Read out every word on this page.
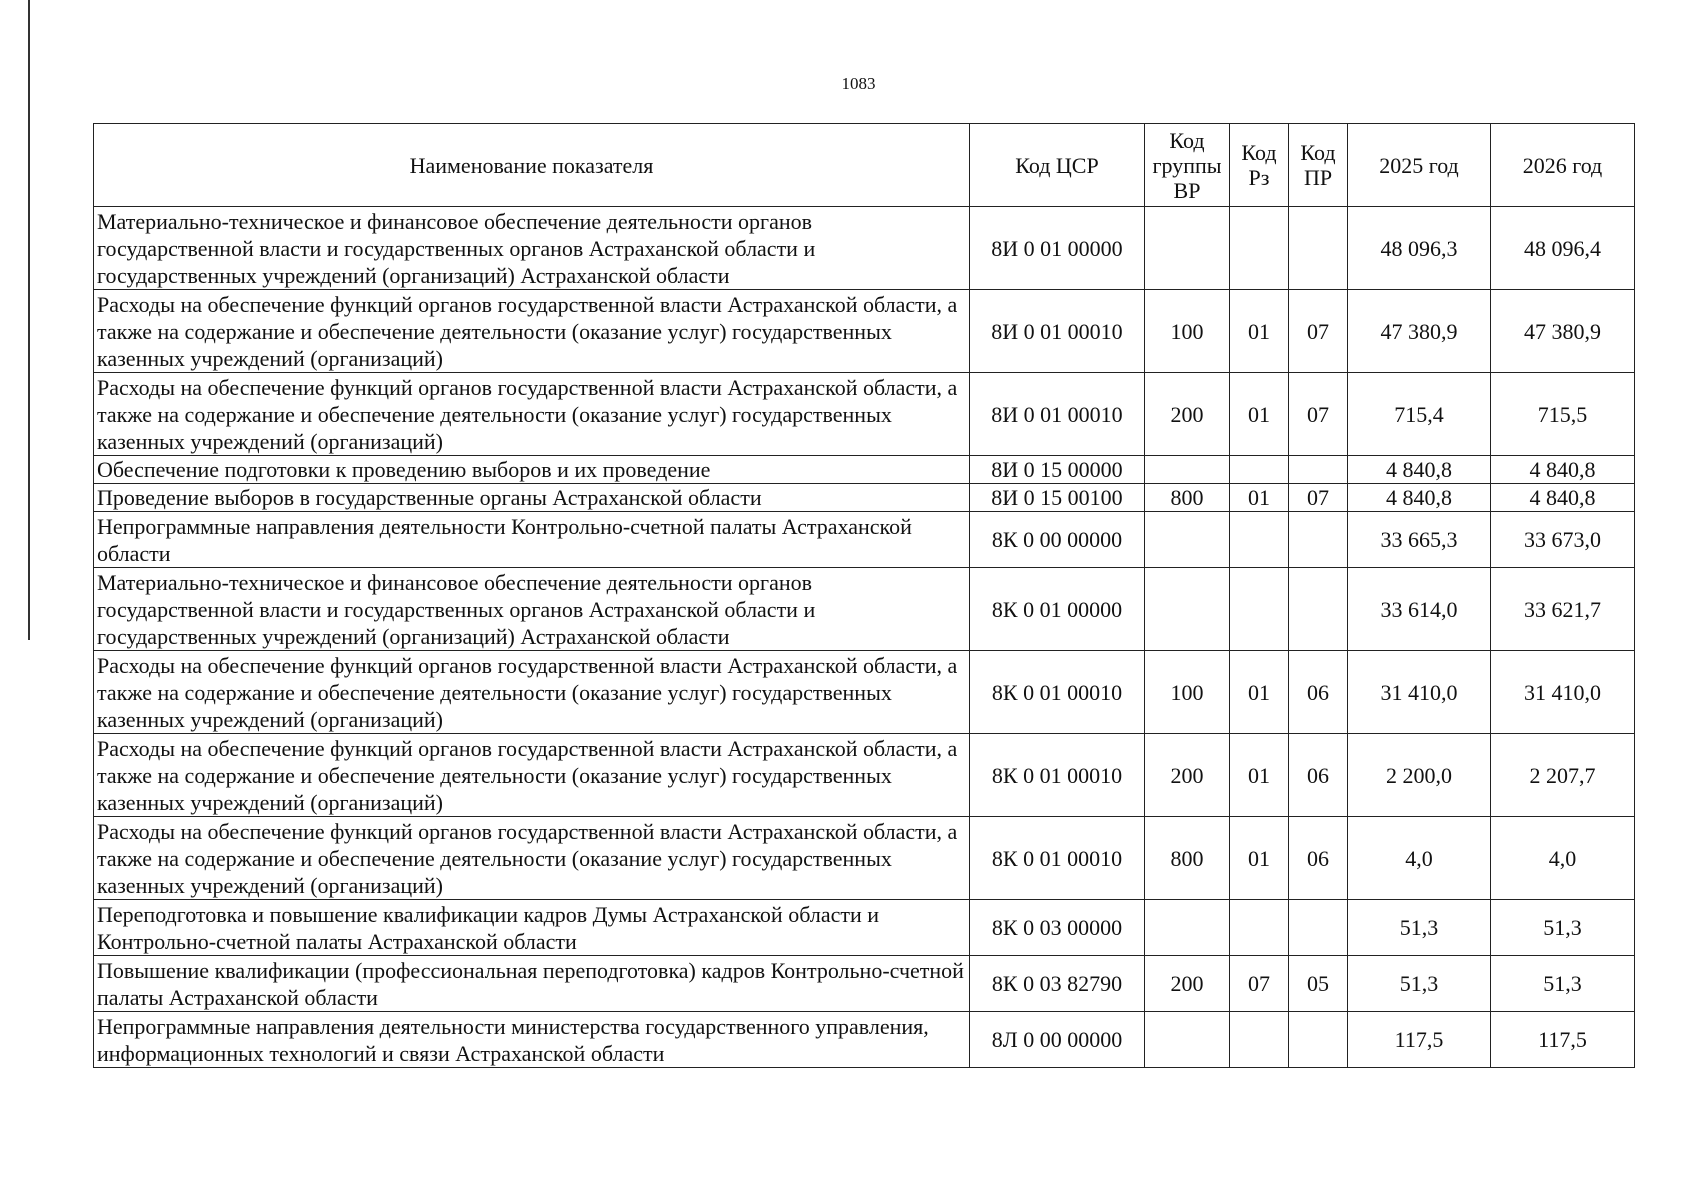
1083
Наименование показателя	Код ЦСР	Код группы ВР	Код Рз	Код ПР	2025 год	2026 год
Материально-техническое и финансовое обеспечение деятельности органов государственной власти и государственных органов Астраханской области и государственных учреждений (организаций) Астраханской области	8И 0 01 00000				48 096,3	48 096,4
Расходы на обеспечение функций органов государственной власти Астраханской области, а также на содержание и обеспечение деятельности (оказание услуг) государственных казенных учреждений (организаций)	8И 0 01 00010	100	01	07	47 380,9	47 380,9
Расходы на обеспечение функций органов государственной власти Астраханской области, а также на содержание и обеспечение деятельности (оказание услуг) государственных казенных учреждений (организаций)	8И 0 01 00010	200	01	07	715,4	715,5
Обеспечение подготовки к проведению выборов и их проведение	8И 0 15 00000				4 840,8	4 840,8
Проведение выборов в государственные органы Астраханской области	8И 0 15 00100	800	01	07	4 840,8	4 840,8
Непрограммные направления деятельности Контрольно-счетной палаты Астраханской области	8К 0 00 00000				33 665,3	33 673,0
Материально-техническое и финансовое обеспечение деятельности органов государственной власти и государственных органов Астраханской области и государственных учреждений (организаций) Астраханской области	8К 0 01 00000				33 614,0	33 621,7
Расходы на обеспечение функций органов государственной власти Астраханской области, а также на содержание и обеспечение деятельности (оказание услуг) государственных казенных учреждений (организаций)	8К 0 01 00010	100	01	06	31 410,0	31 410,0
Расходы на обеспечение функций органов государственной власти Астраханской области, а также на содержание и обеспечение деятельности (оказание услуг) государственных казенных учреждений (организаций)	8К 0 01 00010	200	01	06	2 200,0	2 207,7
Расходы на обеспечение функций органов государственной власти Астраханской области, а также на содержание и обеспечение деятельности (оказание услуг) государственных казенных учреждений (организаций)	8К 0 01 00010	800	01	06	4,0	4,0
Переподготовка и повышение квалификации кадров Думы Астраханской области и Контрольно-счетной палаты Астраханской области	8К 0 03 00000				51,3	51,3
Повышение квалификации (профессиональная переподготовка) кадров Контрольно-счетной палаты Астраханской области	8К 0 03 82790	200	07	05	51,3	51,3
Непрограммные направления деятельности министерства государственного управления, информационных технологий и связи Астраханской области	8Л 0 00 00000				117,5	117,5
